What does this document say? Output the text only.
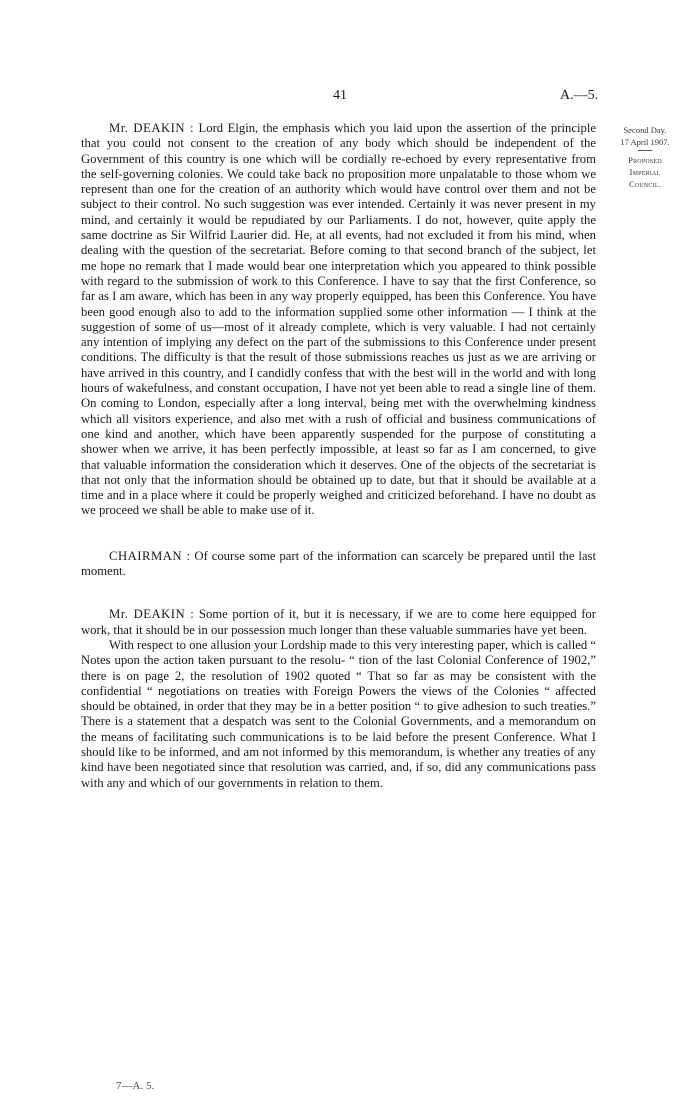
41	A.—5.
Second Day.
17 April 1907.
Proposed
Imperial
Council.

Mr. DEAKIN : Lord Elgin, the emphasis which you laid upon the assertion of the principle that you could not consent to the creation of any body which should be independent of the Government of this country is one which will be cordially re-echoed by every representative from the self-governing colonies. We could take back no proposition more unpalatable to those whom we represent than one for the creation of an authority which would have control over them and not be subject to their control. No such suggestion was ever intended. Certainly it was never present in my mind, and certainly it would be repudiated by our Parliaments. I do not, however, quite apply the same doctrine as Sir Wilfrid Laurier did. He, at all events, had not excluded it from his mind, when dealing with the question of the secretariat. Before coming to that second branch of the subject, let me hope no remark that I made would bear one interpretation which you appeared to think possible with regard to the submission of work to this Conference. I have to say that the first Conference, so far as I am aware, which has been in any way properly equipped, has been this Conference. You have been good enough also to add to the information supplied some other information — I think at the suggestion of some of us—most of it already complete, which is very valuable. I had not certainly any intention of implying any defect on the part of the submissions to this Conference under present conditions. The difficulty is that the result of those submissions reaches us just as we are arriving or have arrived in this country, and I candidly confess that with the best will in the world and with long hours of wakefulness, and constant occupation, I have not yet been able to read a single line of them. On coming to London, especially after a long interval, being met with the overwhelming kindness which all visitors experience, and also met with a rush of official and business communications of one kind and another, which have been apparently suspended for the purpose of constituting a shower when we arrive, it has been perfectly impossible, at least so far as I am concerned, to give that valuable information the consideration which it deserves. One of the objects of the secretariat is that not only that the information should be obtained up to date, but that it should be available at a time and in a place where it could be properly weighed and criticized beforehand. I have no doubt as we proceed we shall be able to make use of it.

CHAIRMAN : Of course some part of the information can scarcely be prepared until the last moment.

Mr. DEAKIN : Some portion of it, but it is necessary, if we are to come here equipped for work, that it should be in our possession much longer than these valuable summaries have yet been.

With respect to one allusion your Lordship made to this very interesting paper, which is called “ Notes upon the action taken pursuant to the resolu- “ tion of the last Colonial Conference of 1902,” there is on page 2, the resolution of 1902 quoted “ That so far as may be consistent with the confidential “ negotiations on treaties with Foreign Powers the views of the Colonies “ affected should be obtained, in order that they may be in a better position “ to give adhesion to such treaties.” There is a statement that a despatch was sent to the Colonial Governments, and a memorandum on the means of facilitating such communications is to be laid before the present Conference. What I should like to be informed, and am not informed by this memorandum, is whether any treaties of any kind have been negotiated since that resolution was carried, and, if so, did any communications pass with any and which of our governments in relation to them.

7—A. 5.
